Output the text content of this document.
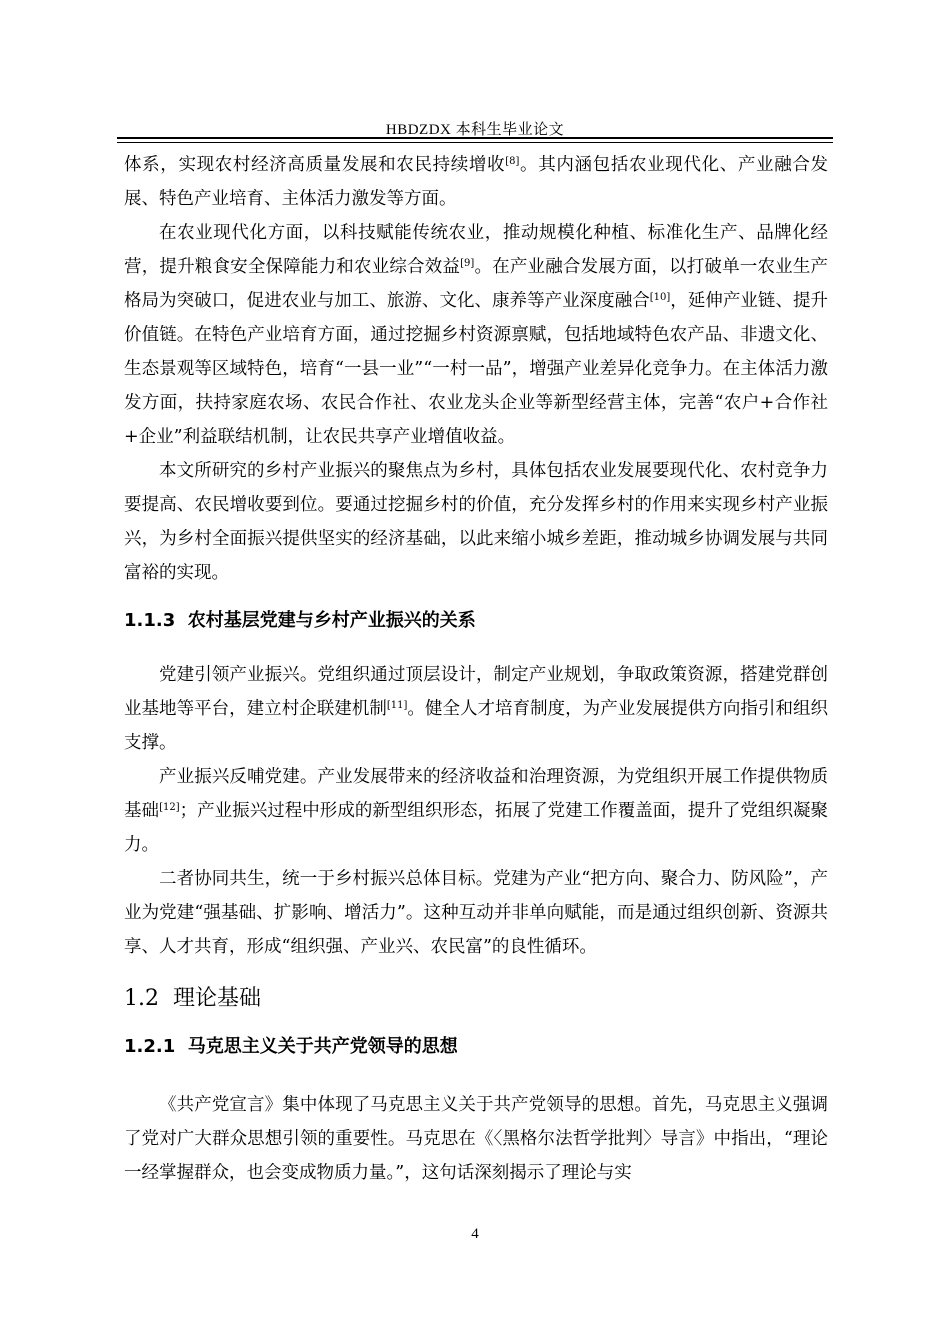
HBDZDX 本科生毕业论文

体系，实现农村经济高质量发展和农民持续增收[8]。其内涵包括农业现代化、产业融合发展、特色产业培育、主体活力激发等方面。

在农业现代化方面，以科技赋能传统农业，推动规模化种植、标准化生产、品牌化经营，提升粮食安全保障能力和农业综合效益[9]。在产业融合发展方面，以打破单一农业生产格局为突破口，促进农业与加工、旅游、文化、康养等产业深度融合[10]，延伸产业链、提升价值链。在特色产业培育方面，通过挖掘乡村资源禀赋，包括地域特色农产品、非遗文化、生态景观等区域特色，培育“一县一业”“一村一品”，增强产业差异化竞争力。在主体活力激发方面，扶持家庭农场、农民合作社、农业龙头企业等新型经营主体，完善“农户+合作社+企业”利益联结机制，让农民共享产业增值收益。

本文所研究的乡村产业振兴的聚焦点为乡村，具体包括农业发展要现代化、农村竞争力要提高、农民增收要到位。要通过挖掘乡村的价值，充分发挥乡村的作用来实现乡村产业振兴，为乡村全面振兴提供坚实的经济基础，以此来缩小城乡差距，推动城乡协调发展与共同富裕的实现。

1.1.3 农村基层党建与乡村产业振兴的关系

党建引领产业振兴。党组织通过顶层设计，制定产业规划，争取政策资源，搭建党群创业基地等平台，建立村企联建机制[11]。健全人才培育制度，为产业发展提供方向指引和组织支撑。

产业振兴反哺党建。产业发展带来的经济收益和治理资源，为党组织开展工作提供物质基础[12]；产业振兴过程中形成的新型组织形态，拓展了党建工作覆盖面，提升了党组织凝聚力。

二者协同共生，统一于乡村振兴总体目标。党建为产业“把方向、聚合力、防风险”，产业为党建“强基础、扩影响、增活力”。这种互动并非单向赋能，而是通过组织创新、资源共享、人才共育，形成“组织强、产业兴、农民富”的良性循环。

1.2 理论基础
1.2.1 马克思主义关于共产党领导的思想

《共产党宣言》集中体现了马克思主义关于共产党领导的思想。首先，马克思主义强调了党对广大群众思想引领的重要性。马克思在《〈黑格尔法哲学批判〉导言》中指出，“理论一经掌握群众，也会变成物质力量。”，这句话深刻揭示了理论与实

4
